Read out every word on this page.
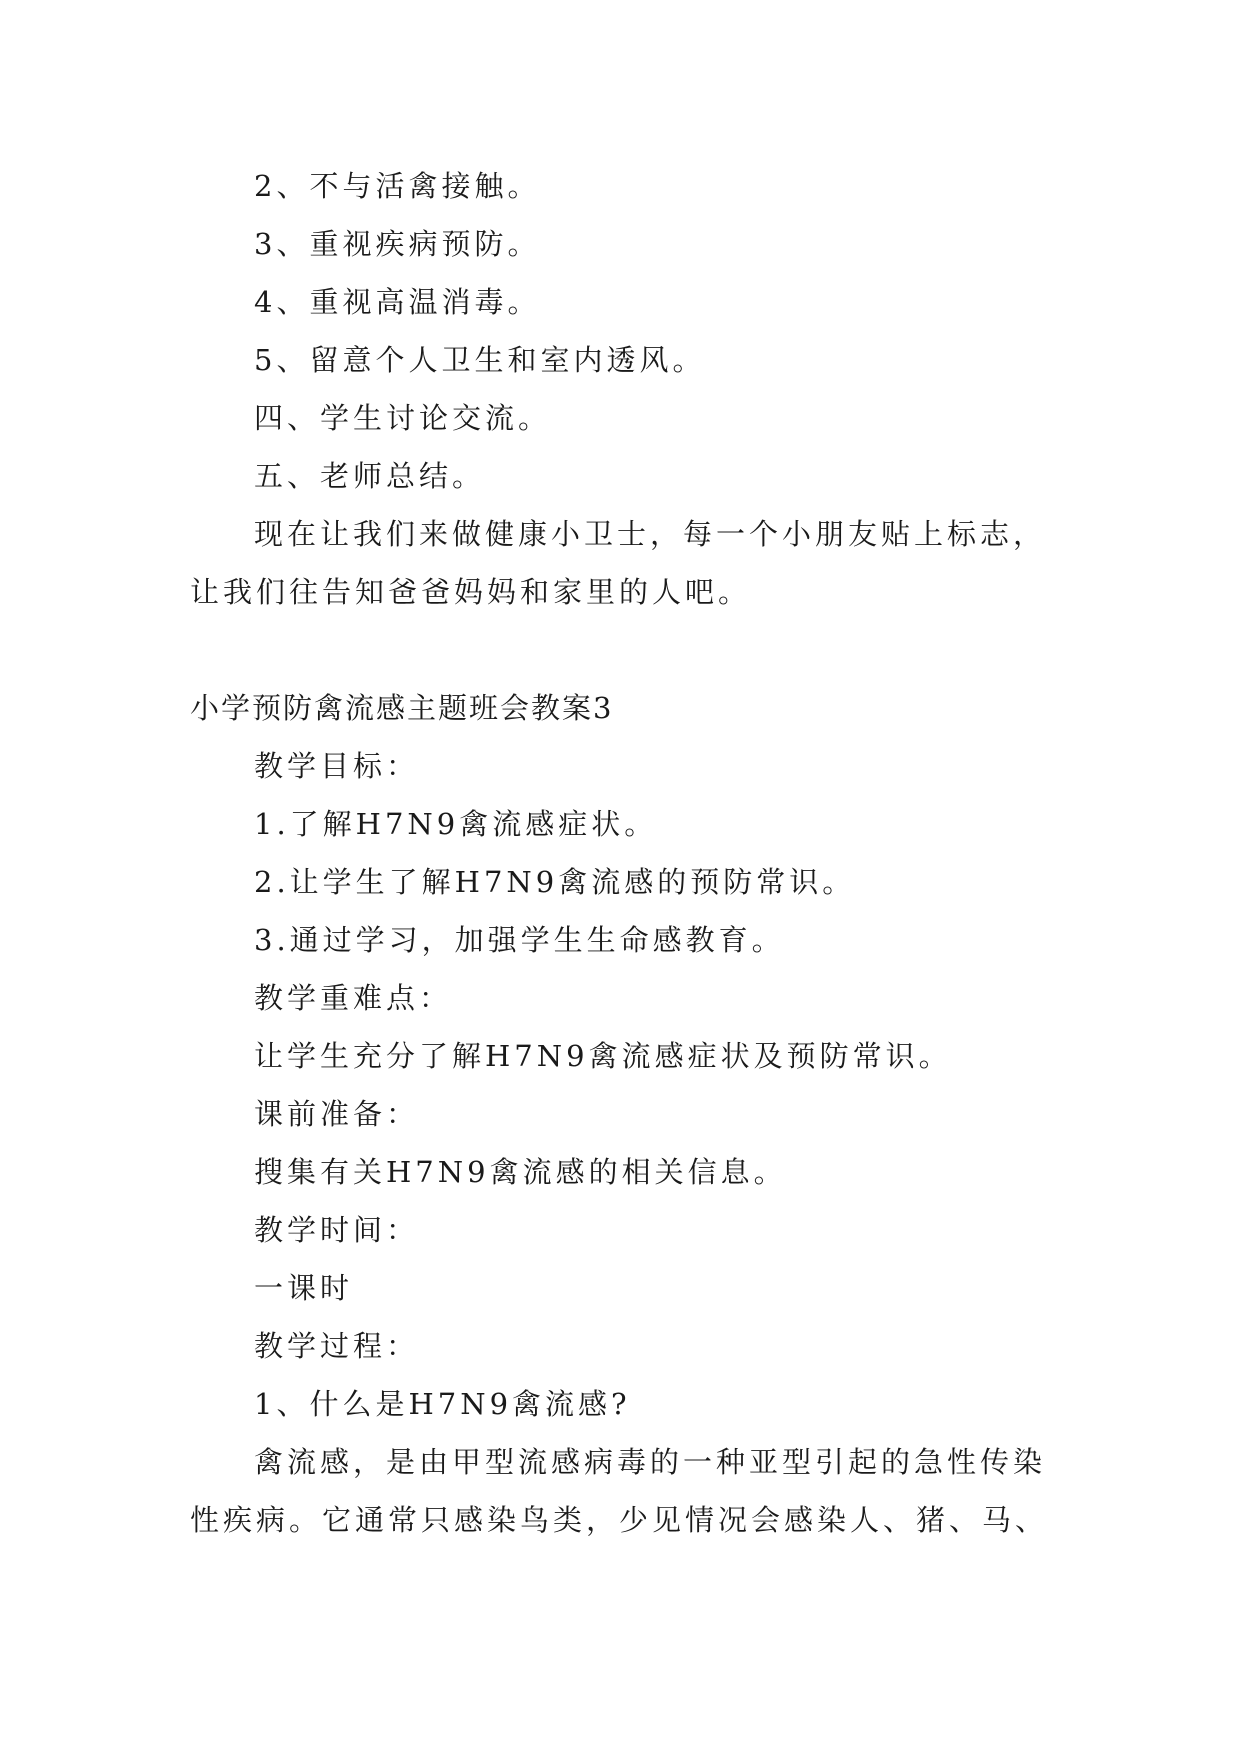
2、不与活禽接触。
3、重视疾病预防。
4、重视高温消毒。
5、留意个人卫生和室内透风。
四、学生讨论交流。
五、老师总结。
现在让我们来做健康小卫士，每一个小朋友贴上标志，
让我们往告知爸爸妈妈和家里的人吧。
小学预防禽流感主题班会教案3
教学目标：
1.了解H7N9禽流感症状。
2.让学生了解H7N9禽流感的预防常识。
3.通过学习，加强学生生命感教育。
教学重难点：
让学生充分了解H7N9禽流感症状及预防常识。
课前准备：
搜集有关H7N9禽流感的相关信息。
教学时间：
一课时
教学过程：
1、什么是H7N9禽流感?
禽流感，是由甲型流感病毒的一种亚型引起的急性传染
性疾病。它通常只感染鸟类，少见情况会感染人、猪、马、
